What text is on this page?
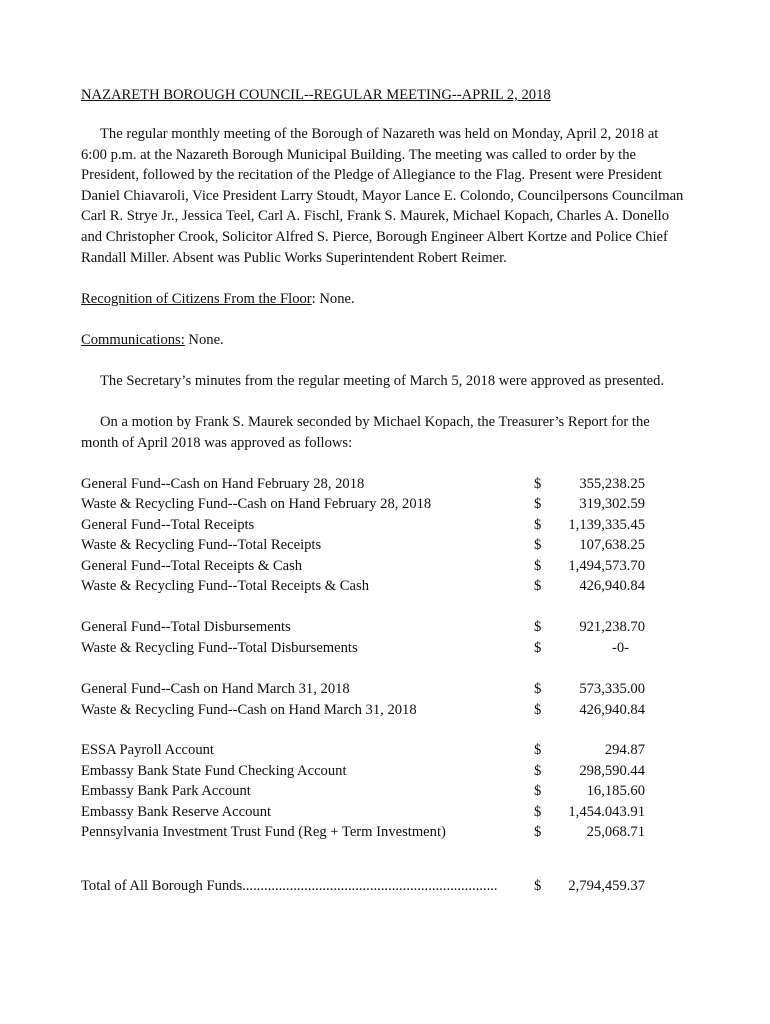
NAZARETH BOROUGH COUNCIL--REGULAR MEETING--APRIL 2, 2018
The regular monthly meeting of the Borough of Nazareth was held on Monday, April 2, 2018 at 6:00 p.m. at the Nazareth Borough Municipal Building. The meeting was called to order by the President, followed by the recitation of the Pledge of Allegiance to the Flag. Present were President Daniel Chiavaroli, Vice President Larry Stoudt, Mayor Lance E. Colondo, Councilpersons Councilman Carl R. Strye Jr., Jessica Teel, Carl A. Fischl, Frank S. Maurek, Michael Kopach, Charles A. Donello and Christopher Crook, Solicitor Alfred S. Pierce, Borough Engineer Albert Kortze and Police Chief Randall Miller. Absent was Public Works Superintendent Robert Reimer.
Recognition of Citizens From the Floor: None.
Communications: None.
The Secretary’s minutes from the regular meeting of March 5, 2018 were approved as presented.
On a motion by Frank S. Maurek seconded by Michael Kopach, the Treasurer’s Report for the month of April 2018 was approved as follows:
General Fund--Cash on Hand February 28, 2018	$	355,238.25
Waste & Recycling Fund--Cash on Hand February 28, 2018	$	319,302.59
General Fund--Total Receipts	$ 1,139,335.45
Waste & Recycling Fund--Total Receipts	$	107,638.25
General Fund--Total Receipts & Cash	$ 1,494,573.70
Waste & Recycling Fund--Total Receipts & Cash	$	426,940.84
General Fund--Total Disbursements	$	921,238.70
Waste & Recycling Fund--Total Disbursements	$	-0-
General Fund--Cash on Hand March 31, 2018	$	573,335.00
Waste & Recycling Fund--Cash on Hand March 31, 2018	$	426,940.84
ESSA Payroll Account	$	294.87
Embassy Bank State Fund Checking Account	$	298,590.44
Embassy Bank Park Account	$	16,185.60
Embassy Bank Reserve Account	$ 1,454.043.91
Pennsylvania Investment Trust Fund (Reg + Term Investment)	$	25,068.71
Total of All Borough Funds...................................................................... $ 2,794,459.37
